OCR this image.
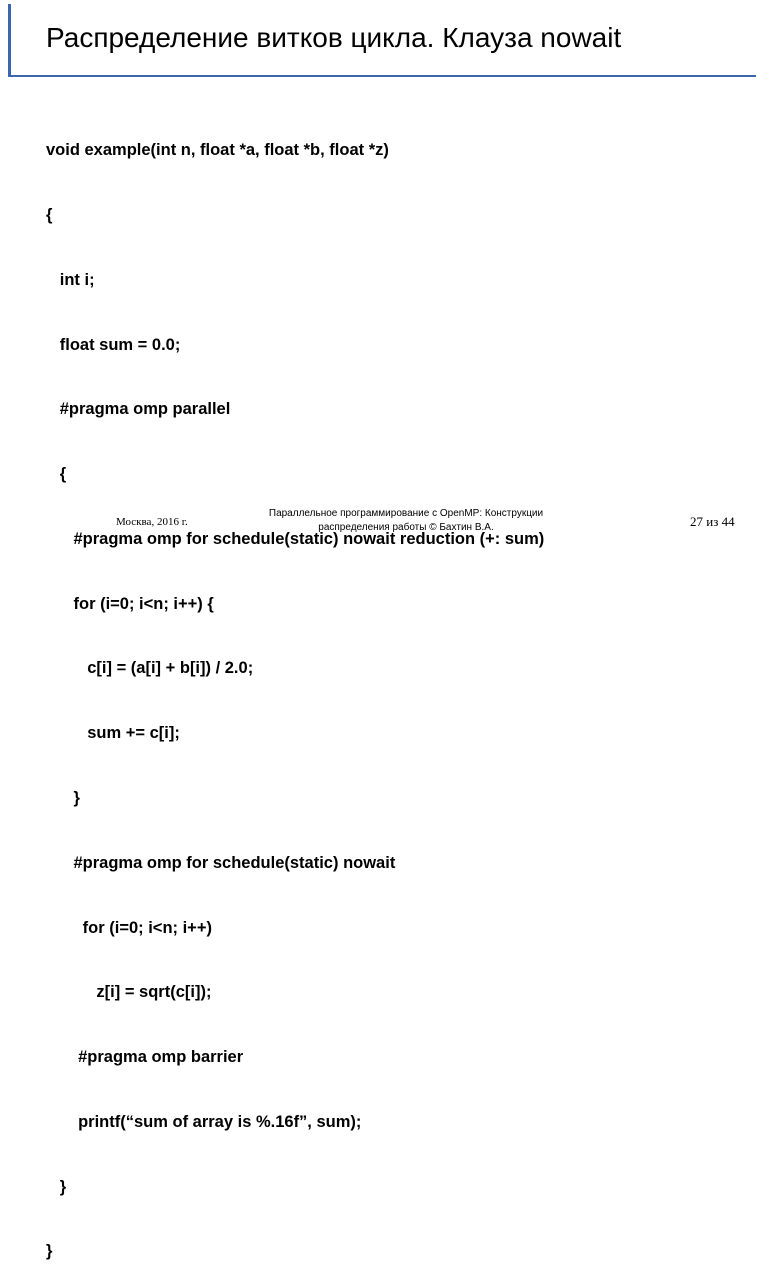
Распределение витков цикла. Клауза nowait

void example(int n, float *a, float *b, float *z)

{

int i;

float sum = 0.0;

#pragma omp parallel

{

#pragma omp for schedule(static) nowait reduction (+: sum)

for (i=0; i<n; i++) {

c[i] = (a[i] + b[i]) / 2.0;

sum += c[i];

}

#pragma omp for schedule(static) nowait

for (i=0; i<n; i++)

z[i] = sqrt(c[i]);

#pragma omp barrier

printf(“sum of array is %.16f”, sum);

}

}

Москва, 2016 г.
Параллельное программирование с OpenMP: Конструкции
распределения работы © Бахтин В.А.	27 из 44
